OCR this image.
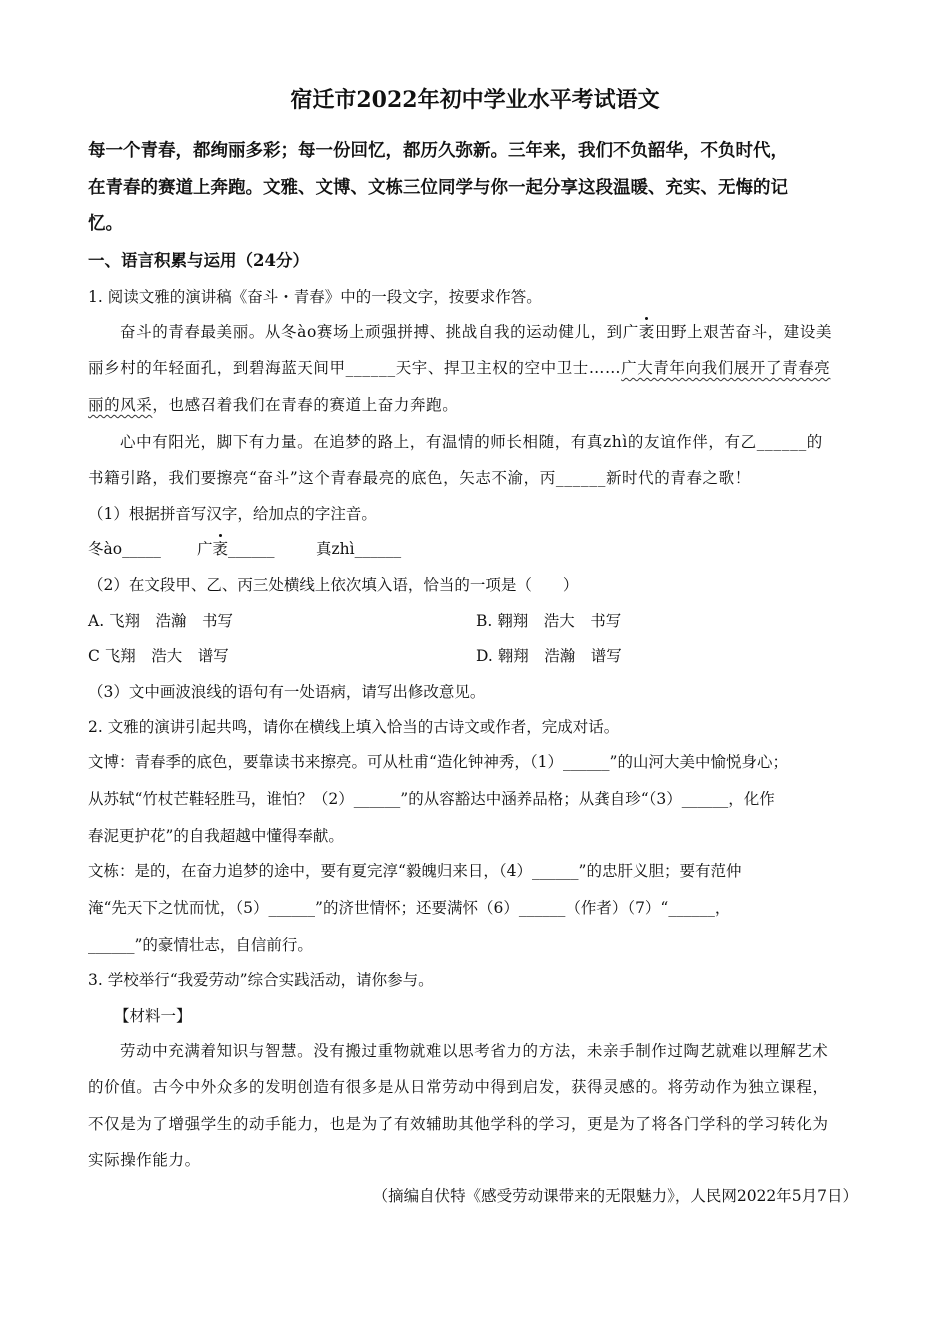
宿迁市2022年初中学业水平考试语文
每一个青春，都绚丽多彩；每一份回忆，都历久弥新。三年来，我们不负韶华，不负时代，
在青春的赛道上奔跑。文雅、文博、文栋三位同学与你一起分享这段温暖、充实、无悔的记
忆。
一、语言积累与运用（24分）
1. 阅读文雅的演讲稿《奋斗・青春》中的一段文字，按要求作答。
奋斗的青春最美丽。从冬ào赛场上顽强拼搏、挑战自我的运动健儿，到广袤田野上艰苦奋斗，建设美
丽乡村的年轻面孔，到碧海蓝天间甲______天宇、捍卫主权的空中卫士……广大青年向我们展开了青春亮
丽的风采，也感召着我们在青春的赛道上奋力奔跑。
心中有阳光，脚下有力量。在追梦的路上，有温情的师长相随，有真zhì的友谊作伴，有乙______的
书籍引路，我们要擦亮“奋斗”这个青春最亮的底色，矢志不渝，丙______新时代的青春之歌！
（1）根据拼音写汉字，给加点的字注音。
冬ào_____ 广袤______	真zhì______
（2）在文段甲、乙、丙三处横线上依次填入语，恰当的一项是（　　）
A. 飞翔　浩瀚　书写	B. 翱翔　浩大　书写
C 飞翔　浩大　谱写	D. 翱翔　浩瀚　谱写
（3）文中画波浪线的语句有一处语病，请写出修改意见。
2. 文雅的演讲引起共鸣，请你在横线上填入恰当的古诗文或作者，完成对话。
文博：青春季的底色，要靠读书来擦亮。可从杜甫“造化钟神秀，（1）______”的山河大美中愉悦身心；
从苏轼“竹杖芒鞋轻胜马，谁怕？（2）______”的从容豁达中涵养品格；从龚自珍“（3）______，化作
春泥更护花”的自我超越中懂得奉献。
文栋：是的，在奋力追梦的途中，要有夏完淳“毅魄归来日，（4）______”的忠肝义胆；要有范仲
淹“先天下之忧而忧，（5）______”的济世情怀；还要满怀（6）______（作者）（7）“______，
______”的豪情壮志，自信前行。
3. 学校举行“我爱劳动”综合实践活动，请你参与。
【材料一】
劳动中充满着知识与智慧。没有搬过重物就难以思考省力的方法，未亲手制作过陶艺就难以理解艺术
的价值。古今中外众多的发明创造有很多是从日常劳动中得到启发，获得灵感的。将劳动作为独立课程，
不仅是为了增强学生的动手能力，也是为了有效辅助其他学科的学习，更是为了将各门学科的学习转化为
实际操作能力。
（摘编自伏特《感受劳动课带来的无限魅力》，人民网2022年5月7日）
